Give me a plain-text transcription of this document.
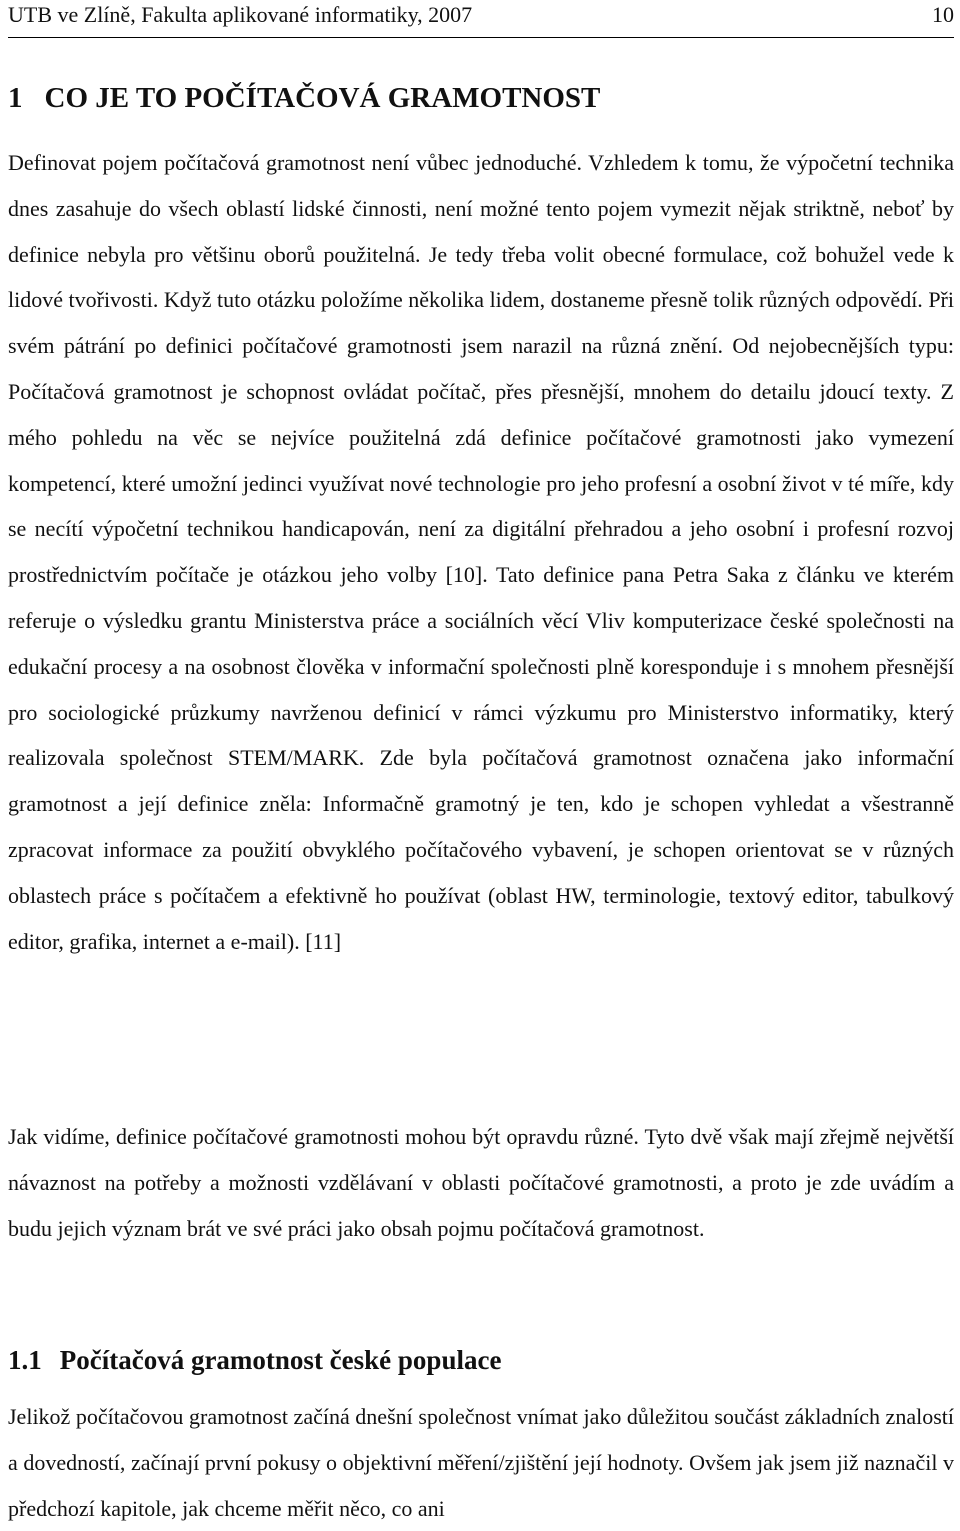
UTB ve Zlíně, Fakulta aplikované informatiky, 2007	10
1 CO JE TO POČÍTAČOVÁ GRAMOTNOST

Definovat pojem počítačová gramotnost není vůbec jednoduché. Vzhledem k tomu, že výpočetní technika dnes zasahuje do všech oblastí lidské činnosti, není možné tento pojem vymezit nějak striktně, neboť by definice nebyla pro většinu oborů použitelná. Je tedy třeba volit obecné formulace, což bohužel vede k lidové tvořivosti. Když tuto otázku položíme několika lidem, dostaneme přesně tolik různých odpovědí. Při svém pátrání po definici počítačové gramotnosti jsem narazil na různá znění. Od nejobecnějších typu: Počítačová gramotnost je schopnost ovládat počítač, přes přesnější, mnohem do detailu jdoucí texty. Z mého pohledu na věc se nejvíce použitelná zdá definice počítačové gramotnosti jako vymezení kompetencí, které umožní jedinci využívat nové technologie pro jeho profesní a osobní život v té míře, kdy se necítí výpočetní technikou handicapován, není za digitální přehradou a jeho osobní i profesní rozvoj prostřednictvím počítače je otázkou jeho volby [10]. Tato definice pana Petra Saka z článku ve kterém referuje o výsledku grantu Ministerstva práce a sociálních věcí Vliv komputerizace české společnosti na edukační procesy a na osobnost člověka v informační společnosti plně koresponduje i s mnohem přesnější pro sociologické průzkumy navrženou definicí v rámci výzkumu pro Ministerstvo informatiky, který realizovala společnost STEM/MARK. Zde byla počítačová gramotnost označena jako informační gramotnost a její definice zněla: Informačně gramotný je ten, kdo je schopen vyhledat a všestranně zpracovat informace za použití obvyklého počítačového vybavení, je schopen orientovat se v různých oblastech práce s počítačem a efektivně ho používat (oblast HW, terminologie, textový editor, tabulkový editor, grafika, internet a e-mail). [11]

Jak vidíme, definice počítačové gramotnosti mohou být opravdu různé. Tyto dvě však mají zřejmě největší návaznost na potřeby a možnosti vzdělávaní v oblasti počítačové gramotnosti, a proto je zde uvádím a budu jejich význam brát ve své práci jako obsah pojmu počítačová gramotnost.

1.1 Počítačová gramotnost české populace

Jelikož počítačovou gramotnost začíná dnešní společnost vnímat jako důležitou součást základních znalostí a dovedností, začínají první pokusy o objektivní měření/zjištění její hodnoty. Ovšem jak jsem již naznačil v předchozí kapitole, jak chceme měřit něco, co ani
